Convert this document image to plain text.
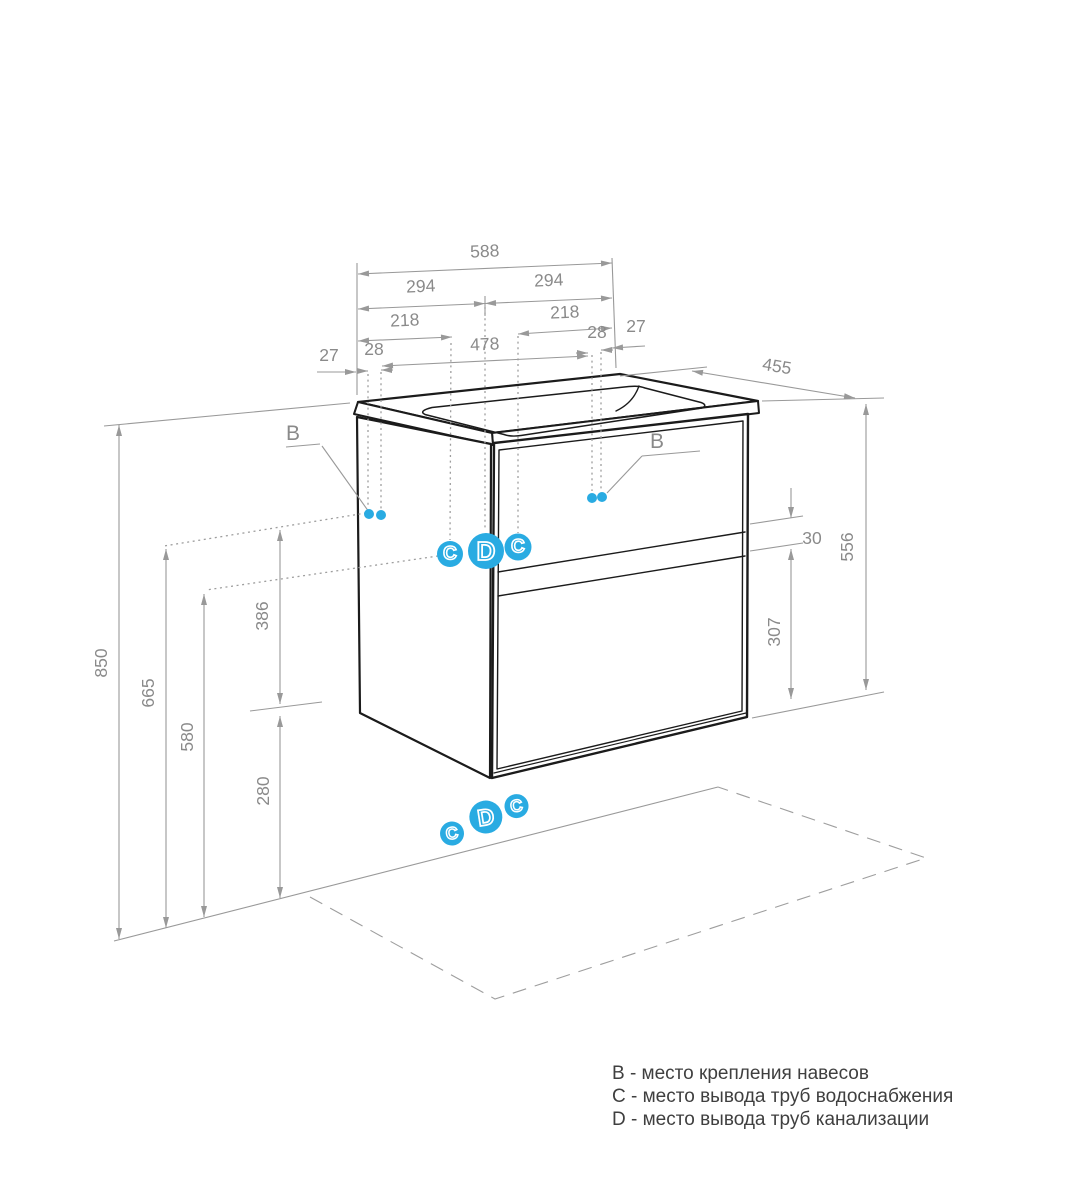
C D C
C
D C
588
294	294
218	218
478
27 28
28 27
455
850
665
580
386
280
556
307
30
B	B
B - место крепления навесов
C - место вывода труб водоснабжения
D - место вывода труб канализации
